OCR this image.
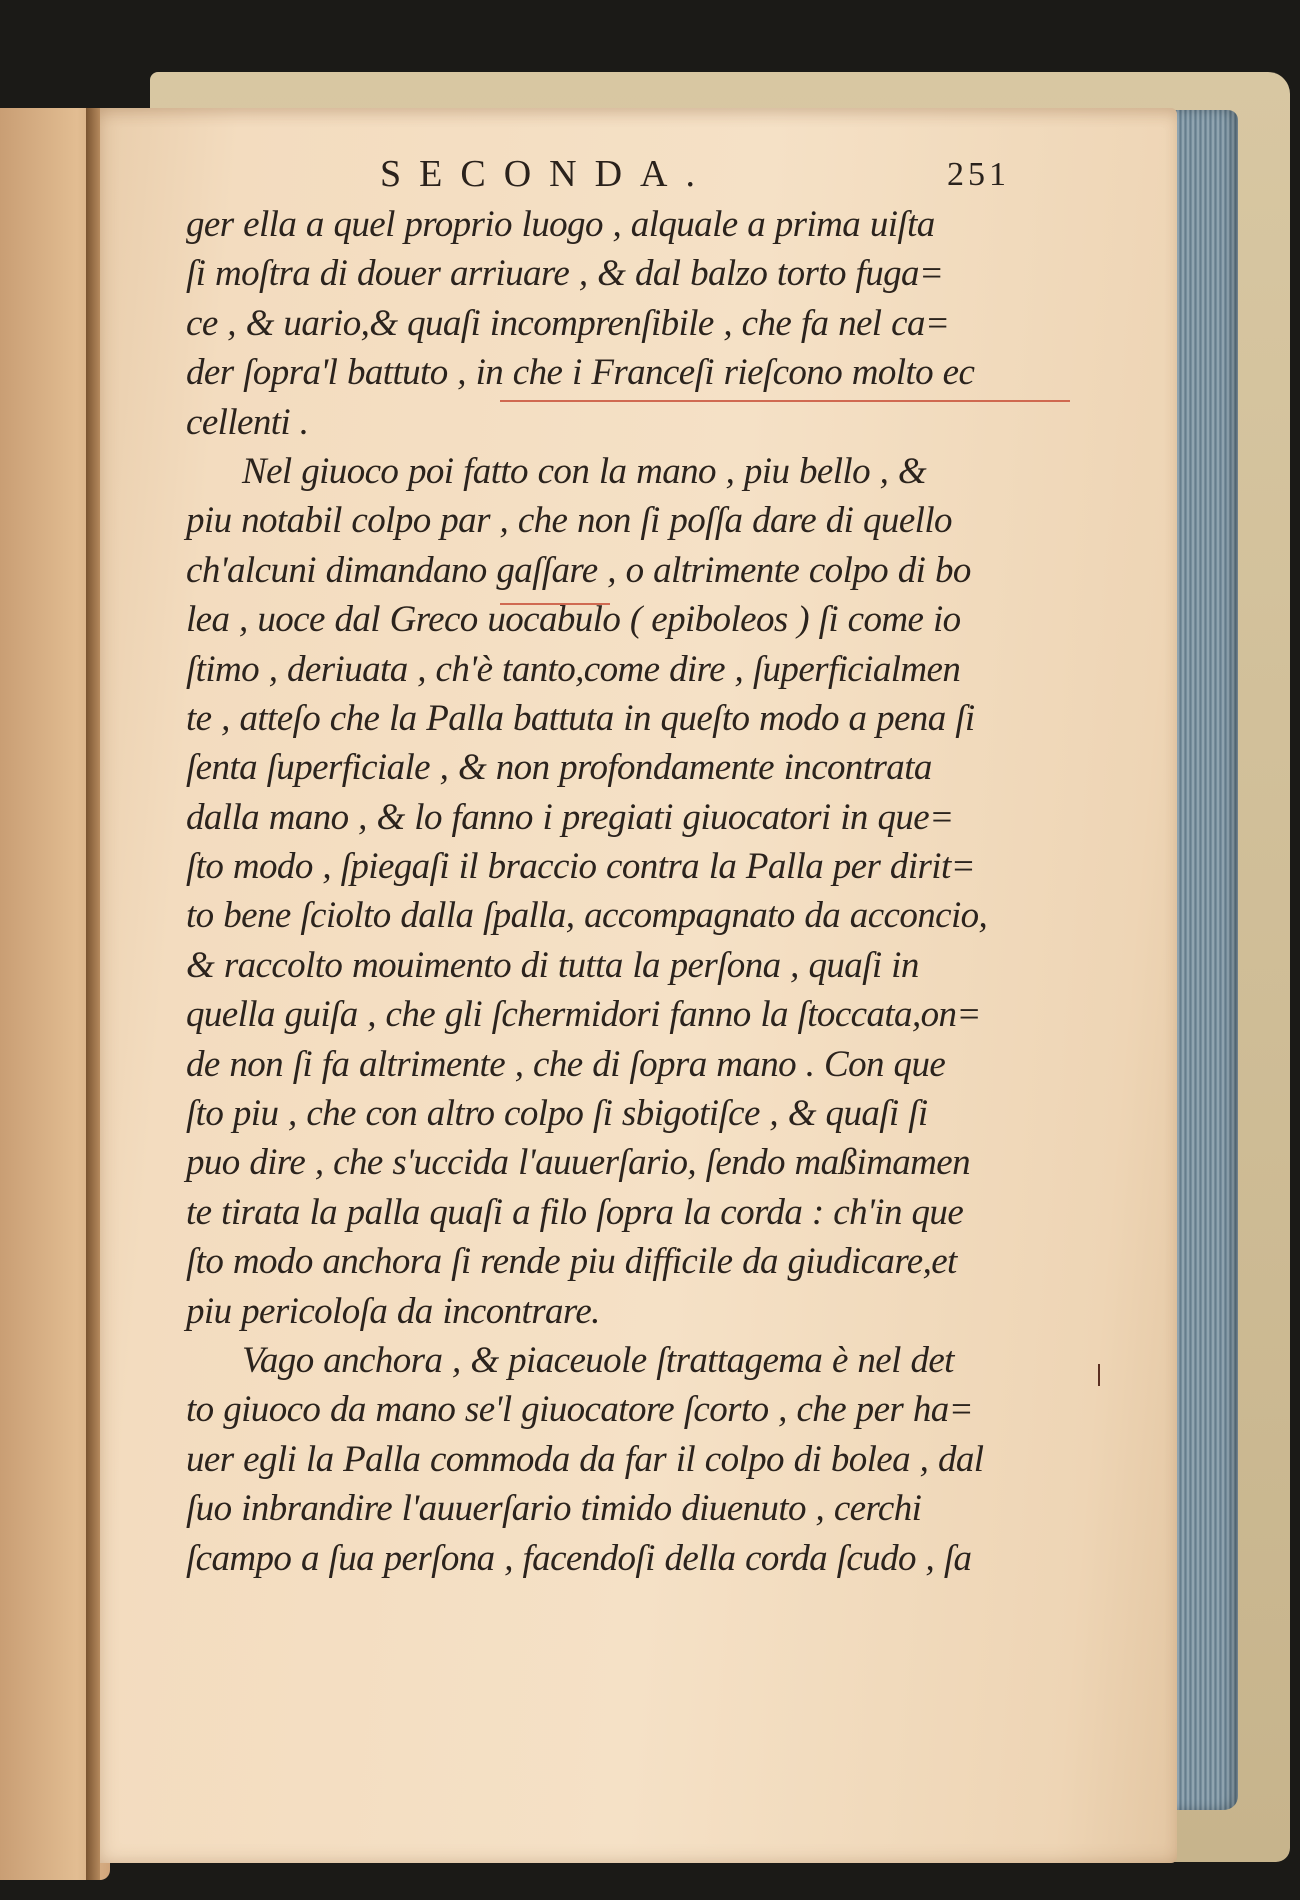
SECONDA.	251
ger ella a quel proprio luogo , alquale a prima uiſta
ſi moſtra di douer arriuare , & dal balzo torto fuga=
ce , & uario,& quaſi incomprenſibile , che fa nel ca=
der ſopra'l battuto , in che i Franceſi rieſcono molto ec
cellenti .
Nel giuoco poi fatto con la mano , piu bello , &
piu notabil colpo par , che non ſi poſſa dare di quello
ch'alcuni dimandano gaſſare , o altrimente colpo di bo
lea , uoce dal Greco uocabulo ( epiboleos ) ſi come io
ſtimo , deriuata , ch'è tanto,come dire , ſuperficialmen
te , atteſo che la Palla battuta in queſto modo a pena ſi
ſenta ſuperficiale , & non profondamente incontrata
dalla mano , & lo fanno i pregiati giuocatori in que=
ſto modo , ſpiegaſi il braccio contra la Palla per dirit=
to bene ſciolto dalla ſpalla, accompagnato da acconcio,
& raccolto mouimento di tutta la perſona , quaſi in
quella guiſa , che gli ſchermidori fanno la ſtoccata,on=
de non ſi fa altrimente , che di ſopra mano . Con que
ſto piu , che con altro colpo ſi sbigotiſce , & quaſi ſi
puo dire , che s'uccida l'auuerſario, ſendo maßimamen
te tirata la palla quaſi a filo ſopra la corda : ch'in que
ſto modo anchora ſi rende piu difficile da giudicare,et
piu pericoloſa da incontrare.
Vago anchora , & piaceuole ſtrattagema è nel det
to giuoco da mano se'l giuocatore ſcorto , che per ha=
uer egli la Palla commoda da far il colpo di bolea , dal
ſuo inbrandire l'auuerſario timido diuenuto , cerchi
ſcampo a ſua perſona , facendoſi della corda ſcudo , ſa
